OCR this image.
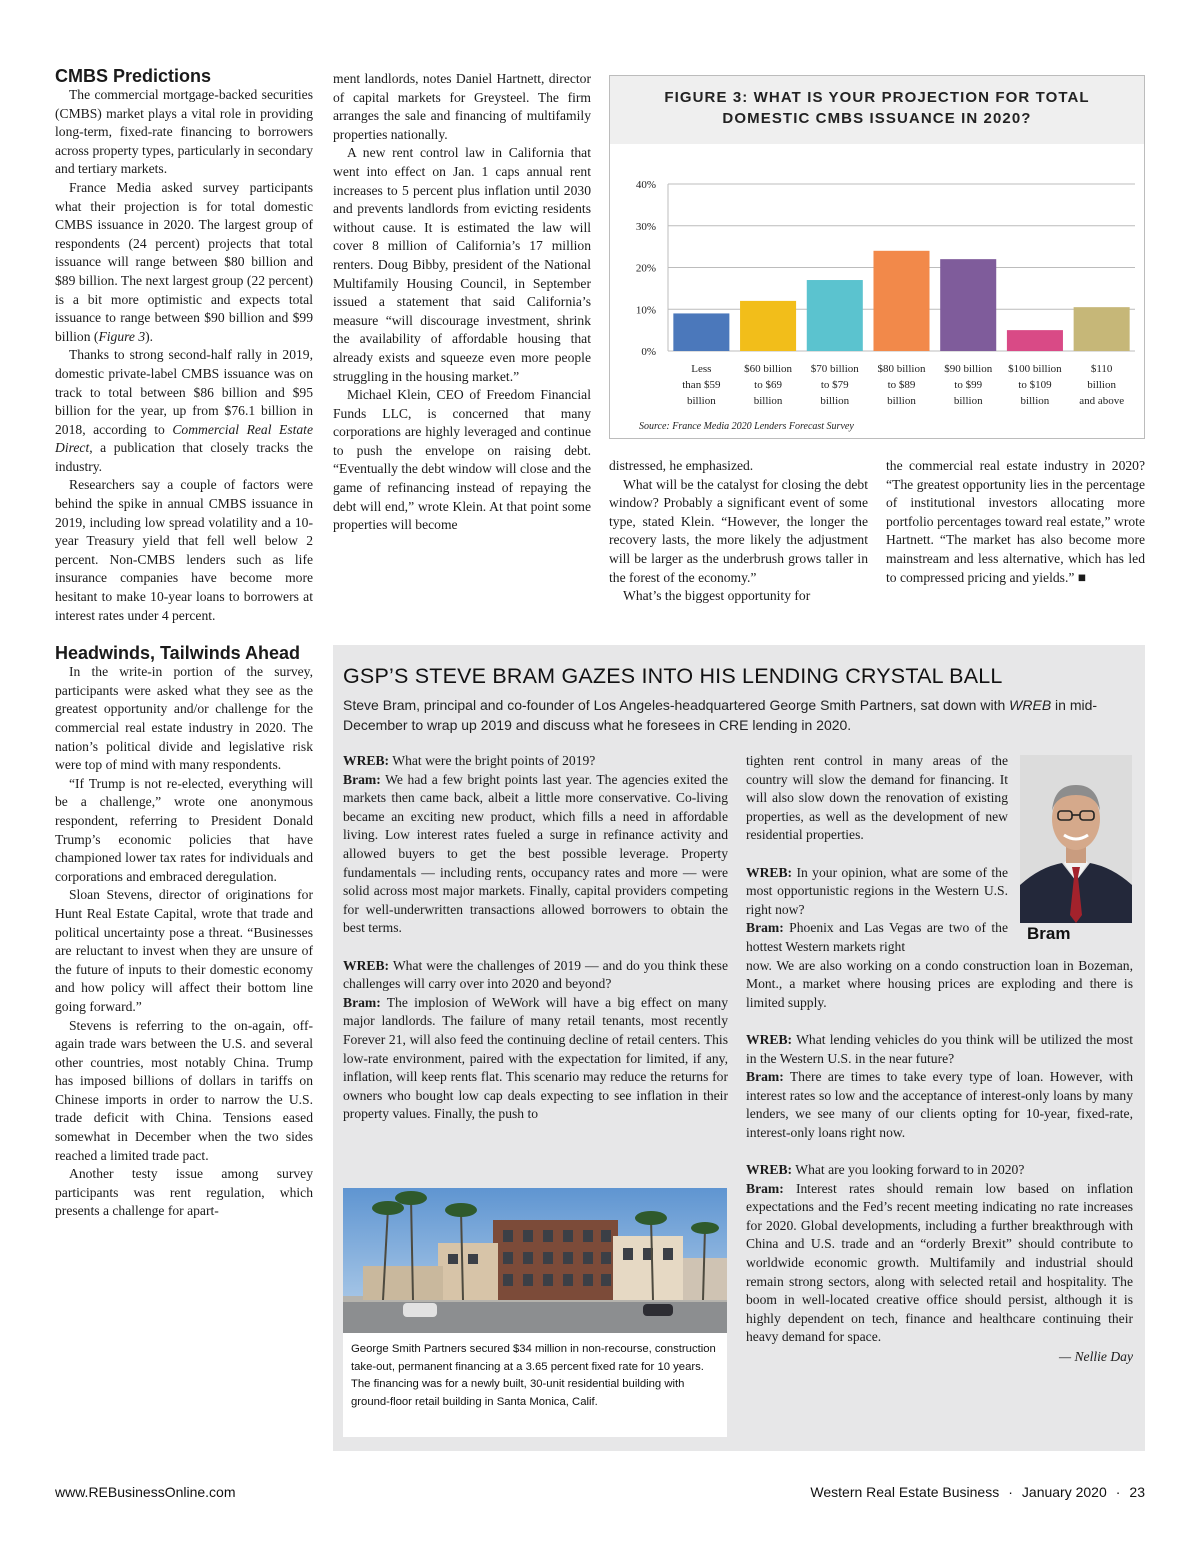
CMBS Predictions

The commercial mortgage-backed securities (CMBS) market plays a vital role in providing long-term, fixed-rate financing to borrowers across property types, particularly in secondary and tertiary markets.

France Media asked survey participants what their projection is for total domestic CMBS issuance in 2020. The largest group of respondents (24 percent) projects that total issuance will range between $80 billion and $89 billion. The next largest group (22 percent) is a bit more optimistic and expects total issuance to range between $90 billion and $99 billion (Figure 3).

Thanks to strong second-half rally in 2019, domestic private-label CMBS issuance was on track to total between $86 billion and $95 billion for the year, up from $76.1 billion in 2018, according to Commercial Real Estate Direct, a publication that closely tracks the industry.

Researchers say a couple of factors were behind the spike in annual CMBS issuance in 2019, including low spread volatility and a 10-year Treasury yield that fell well below 2 percent. Non-CMBS lenders such as life insurance companies have become more hesitant to make 10-year loans to borrowers at interest rates under 4 percent.

Headwinds, Tailwinds Ahead

In the write-in portion of the survey, participants were asked what they see as the greatest opportunity and/or challenge for the commercial real estate industry in 2020. The nation’s political divide and legislative risk were top of mind with many respondents.

“If Trump is not re-elected, everything will be a challenge,” wrote one anonymous respondent, referring to President Donald Trump’s economic policies that have championed lower tax rates for individuals and corporations and embraced deregulation.

Sloan Stevens, director of originations for Hunt Real Estate Capital, wrote that trade and political uncertainty pose a threat. “Businesses are reluctant to invest when they are unsure of the future of inputs to their domestic economy and how policy will affect their bottom line going forward.”

Stevens is referring to the on-again, off-again trade wars between the U.S. and several other countries, most notably China. Trump has imposed billions of dollars in tariffs on Chinese imports in order to narrow the U.S. trade deficit with China. Tensions eased somewhat in December when the two sides reached a limited trade pact.

Another testy issue among survey participants was rent regulation, which presents a challenge for apart-

ment landlords, notes Daniel Hartnett, director of capital markets for Greysteel. The firm arranges the sale and financing of multifamily properties nationally.

A new rent control law in California that went into effect on Jan. 1 caps annual rent increases to 5 percent plus inflation until 2030 and prevents landlords from evicting residents without cause. It is estimated the law will cover 8 million of California’s 17 million renters. Doug Bibby, president of the National Multifamily Housing Council, in September issued a statement that said California’s measure “will discourage investment, shrink the availability of affordable housing that already exists and squeeze even more people struggling in the housing market.”

Michael Klein, CEO of Freedom Financial Funds LLC, is concerned that many corporations are highly leveraged and continue to push the envelope on raising debt. “Eventually the debt window will close and the game of refinancing instead of repaying the debt will end,” wrote Klein. At that point some properties will become

FIGURE 3: WHAT IS YOUR PROJECTION FOR TOTAL DOMESTIC CMBS ISSUANCE IN 2020?
0%
10%
20%
30%
40%
Less
than $59
billion
$60 billion
to $69
billion
$70 billion
to $79
billion
$80 billion
to $89
billion
$90 billion
to $99
billion
$100 billion
to $109
billion
$110
billion
and above
Source: France Media 2020 Lenders Forecast Survey

distressed, he emphasized.

What will be the catalyst for closing the debt window? Probably a significant event of some type, stated Klein. “However, the longer the recovery lasts, the more likely the adjustment will be larger as the underbrush grows taller in the forest of the economy.”

What’s the biggest opportunity for

the commercial real estate industry in 2020? “The greatest opportunity lies in the percentage of institutional investors allocating more portfolio percentages toward real estate,” wrote Hartnett. “The market has also become more mainstream and less alternative, which has led to compressed pricing and yields.” ■

GSP’S STEVE BRAM GAZES INTO HIS LENDING CRYSTAL BALL
Steve Bram, principal and co-founder of Los Angeles-headquartered George Smith Partners, sat down with WREB in mid-December to wrap up 2019 and discuss what he foresees in CRE lending in 2020.

WREB: What were the bright points of 2019?
Bram: We had a few bright points last year. The agencies exited the markets then came back, albeit a little more conservative. Co-living became an exciting new product, which fills a need in affordable living. Low interest rates fueled a surge in refinance activity and allowed buyers to get the best possible leverage. Property fundamentals — including rents, occupancy rates and more — were solid across most major markets. Finally, capital providers competing for well-underwritten transactions allowed borrowers to obtain the best terms.

WREB: What were the challenges of 2019 — and do you think these challenges will carry over into 2020 and beyond?
Bram: The implosion of WeWork will have a big effect on many major landlords. The failure of many retail tenants, most recently Forever 21, will also feed the continuing decline of retail centers. This low-rate environment, paired with the expectation for limited, if any, inflation, will keep rents flat. This scenario may reduce the returns for owners who bought low cap deals expecting to see inflation in their property values. Finally, the push to

George Smith Partners secured $34 million in non-recourse, construction take-out, permanent financing at a 3.65 percent fixed rate for 10 years. The financing was for a newly built, 30-unit residential building with ground-floor retail building in Santa Monica, Calif.

tighten rent control in many areas of the country will slow the demand for financing. It will also slow down the renovation of existing properties, as well as the development of new residential properties.

WREB: In your opinion, what are some of the most opportunistic regions in the Western U.S. right now?
Bram: Phoenix and Las Vegas are two of the hottest Western markets right
now. We are also working on a condo construction loan in Bozeman, Mont., a market where housing prices are exploding and there is limited supply.

WREB: What lending vehicles do you think will be utilized the most in the Western U.S. in the near future?
Bram: There are times to take every type of loan. However, with interest rates so low and the acceptance of interest-only loans by many lenders, we see many of our clients opting for 10-year, fixed-rate, interest-only loans right now.

WREB: What are you looking forward to in 2020?
Bram: Interest rates should remain low based on inflation expectations and the Fed’s recent meeting indicating no rate increases for 2020. Global developments, including a further breakthrough with China and U.S. trade and an “orderly Brexit” should contribute to worldwide economic growth. Multifamily and industrial should remain strong sectors, along with selected retail and hospitality. The boom in well-located creative office should persist, although it is highly dependent on tech, finance and healthcare continuing their heavy demand for space.

— Nellie Day
Bram
www.REBusinessOnline.com	Western Real Estate Business · January 2020 · 23
